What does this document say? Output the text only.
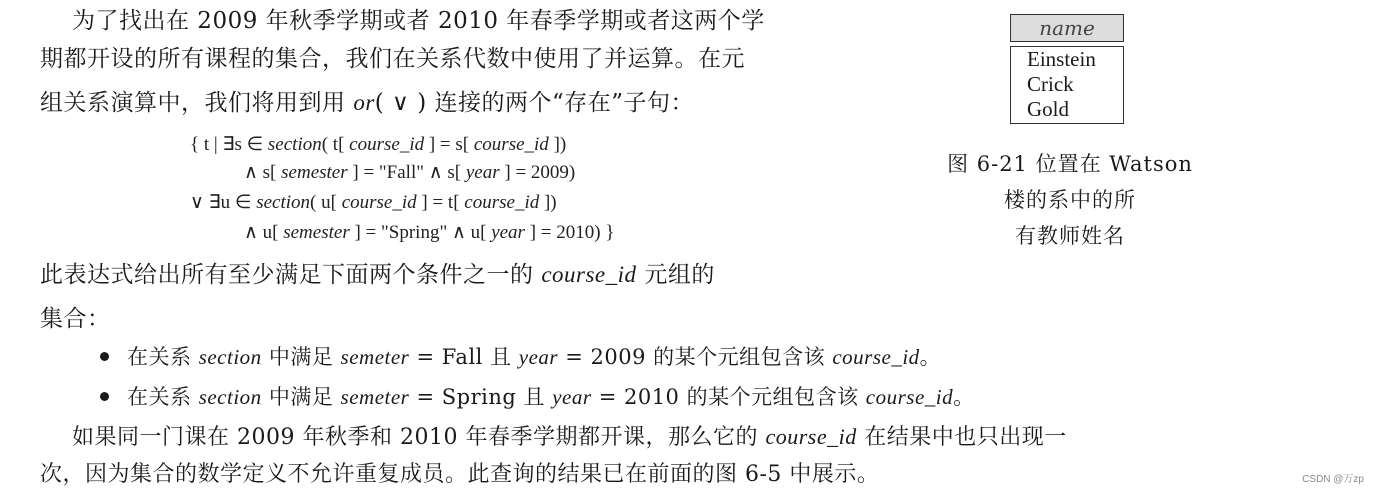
为了找出在 2009 年秋季学期或者 2010 年春季学期或者这两个学
期都开设的所有课程的集合，我们在关系代数中使用了并运算。在元
组关系演算中，我们将用到用 or( ∨ ) 连接的两个“存在”子句：
{ t | ∃s ∈ section( t[ course_id ] = s[ course_id ])
∧ s[ semester ] = "Fall" ∧ s[ year ] = 2009)
∨ ∃u ∈ section( u[ course_id ] = t[ course_id ])
∧ u[ semester ] = "Spring" ∧ u[ year ] = 2010) }
此表达式给出所有至少满足下面两个条件之一的 course_id 元组的
集合：
在关系 section 中满足 semeter = Fall 且 year = 2009 的某个元组包含该 course_id。
在关系 section 中满足 semeter = Spring 且 year = 2010 的某个元组包含该 course_id。
如果同一门课在 2009 年秋季和 2010 年春季学期都开课，那么它的 course_id 在结果中也只出现一
次，因为集合的数学定义不允许重复成员。此查询的结果已在前面的图 6-5 中展示。
name
Einstein
Crick
Gold
图 6-21 位置在 Watson
楼的系中的所
有教师姓名
CSDN @万zp
